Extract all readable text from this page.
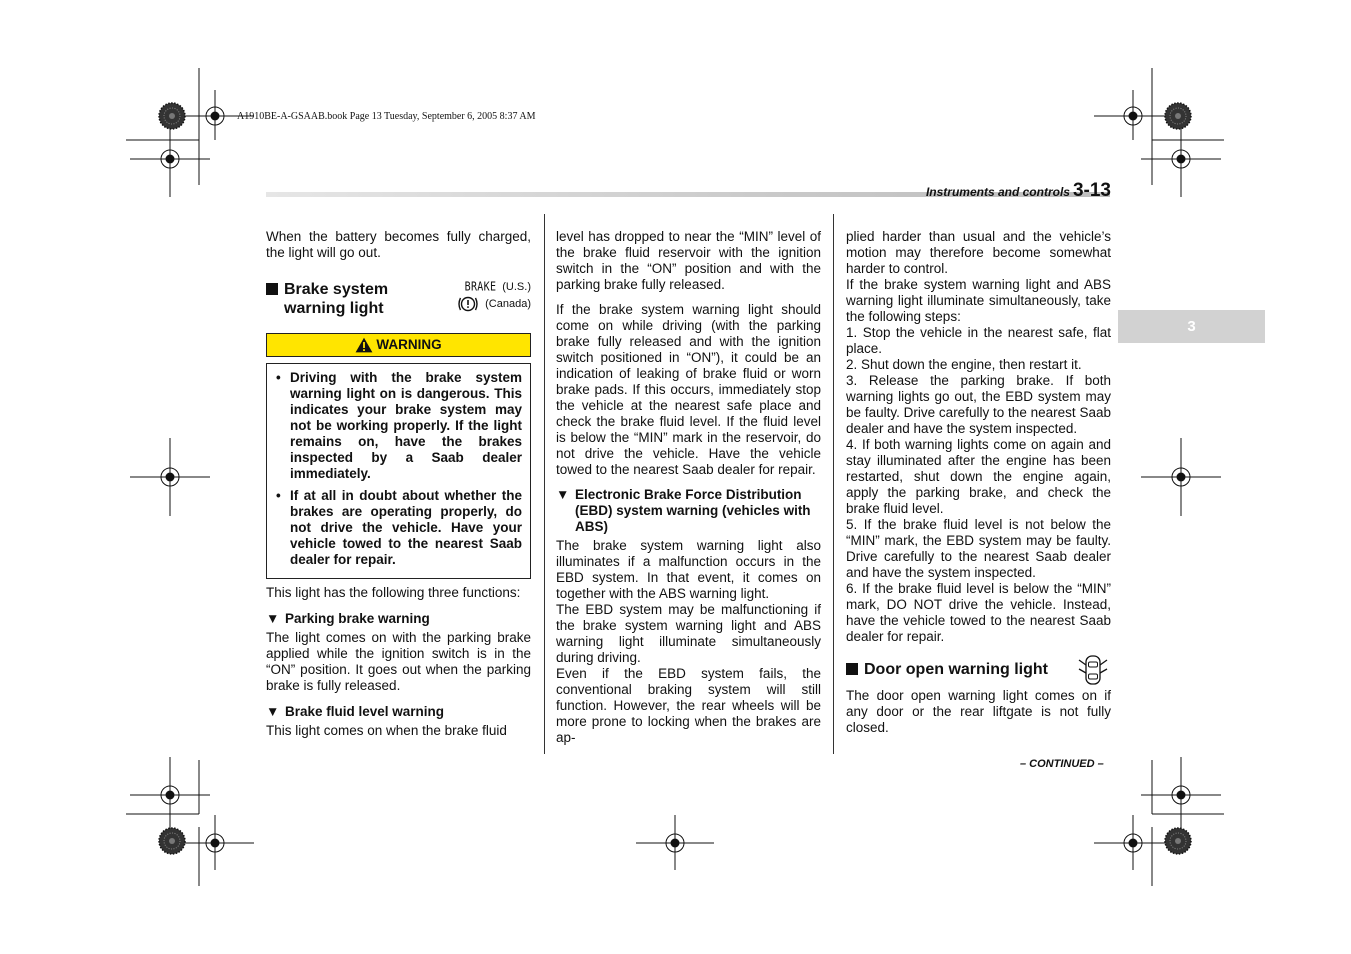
A1910BE-A-GSAAB.book Page 13 Tuesday, September 6, 2005 8:37 AM
Instruments and controls 3-13
3

When the battery becomes fully charged, the light will go out.

Brake system
warning light
BRAKE (U.S.)
(Canada)
WARNING
• Driving with the brake system warning light on is dangerous. This indicates your brake system may not be working properly. If the light remains on, have the brakes inspected by a Saab dealer immediately.
• If at all in doubt about whether the brakes are operating properly, do not drive the vehicle. Have your vehicle towed to the nearest Saab dealer for repair.

This light has the following three functions:

▼ Parking brake warning

The light comes on with the parking brake applied while the ignition switch is in the “ON” position. It goes out when the parking brake is fully released.

▼ Brake fluid level warning

This light comes on when the brake fluid

level has dropped to near the “MIN” level of the brake fluid reservoir with the ignition switch in the “ON” position and with the parking brake fully released.

If the brake system warning light should come on while driving (with the parking brake fully released and with the ignition switch positioned in “ON”), it could be an indication of leaking of brake fluid or worn brake pads. If this occurs, immediately stop the vehicle at the nearest safe place and check the brake fluid level. If the fluid level is below the “MIN” mark in the reservoir, do not drive the vehicle. Have the vehicle towed to the nearest Saab dealer for repair.

▼ Electronic Brake Force Distribution (EBD) system warning (vehicles with ABS)

The brake system warning light also illuminates if a malfunction occurs in the EBD system. In that event, it comes on together with the ABS warning light.

The EBD system may be malfunctioning if the brake system warning light and ABS warning light illuminate simultaneously during driving.

Even if the EBD system fails, the conventional braking system will still function. However, the rear wheels will be more prone to locking when the brakes are ap-

plied harder than usual and the vehicle’s motion may therefore become somewhat harder to control.

If the brake system warning light and ABS warning light illuminate simultaneously, take the following steps:

1. Stop the vehicle in the nearest safe, flat place.

2. Shut down the engine, then restart it.

3. Release the parking brake. If both warning lights go out, the EBD system may be faulty. Drive carefully to the nearest Saab dealer and have the system inspected.

4. If both warning lights come on again and stay illuminated after the engine has been restarted, shut down the engine again, apply the parking brake, and check the brake fluid level.

5. If the brake fluid level is not below the “MIN” mark, the EBD system may be faulty. Drive carefully to the nearest Saab dealer and have the system inspected.

6. If the brake fluid level is below the “MIN” mark, DO NOT drive the vehicle. Instead, have the vehicle towed to the nearest Saab dealer for repair.

Door open warning light

The door open warning light comes on if any door or the rear liftgate is not fully closed.

– CONTINUED –
